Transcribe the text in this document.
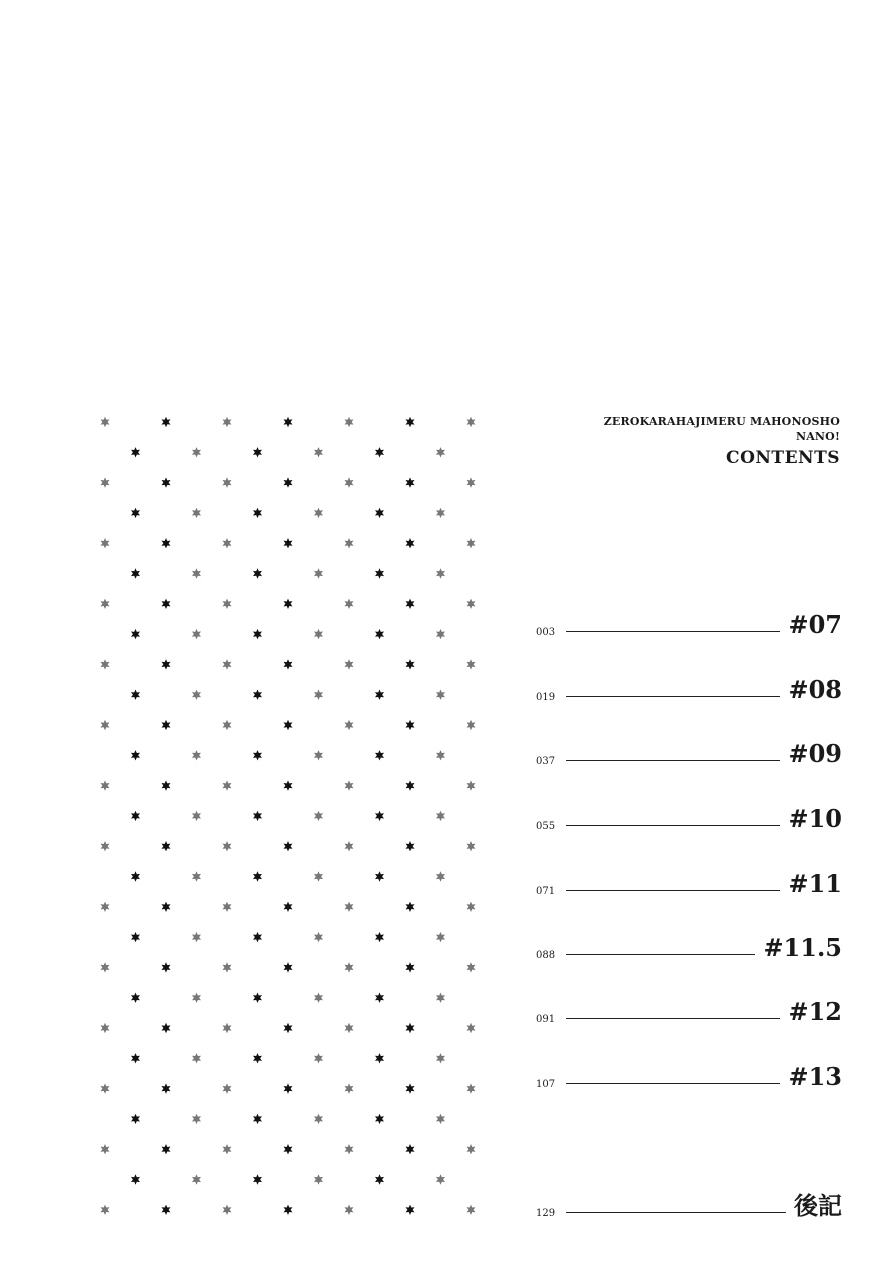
ZEROKARAHAJIMERU MAHONOSHO
NANO!
CONTENTS
003	#07
019	#08
037	#09
055	#10
071	#11
088	#11.5
091	#12
107	#13
129	後記
